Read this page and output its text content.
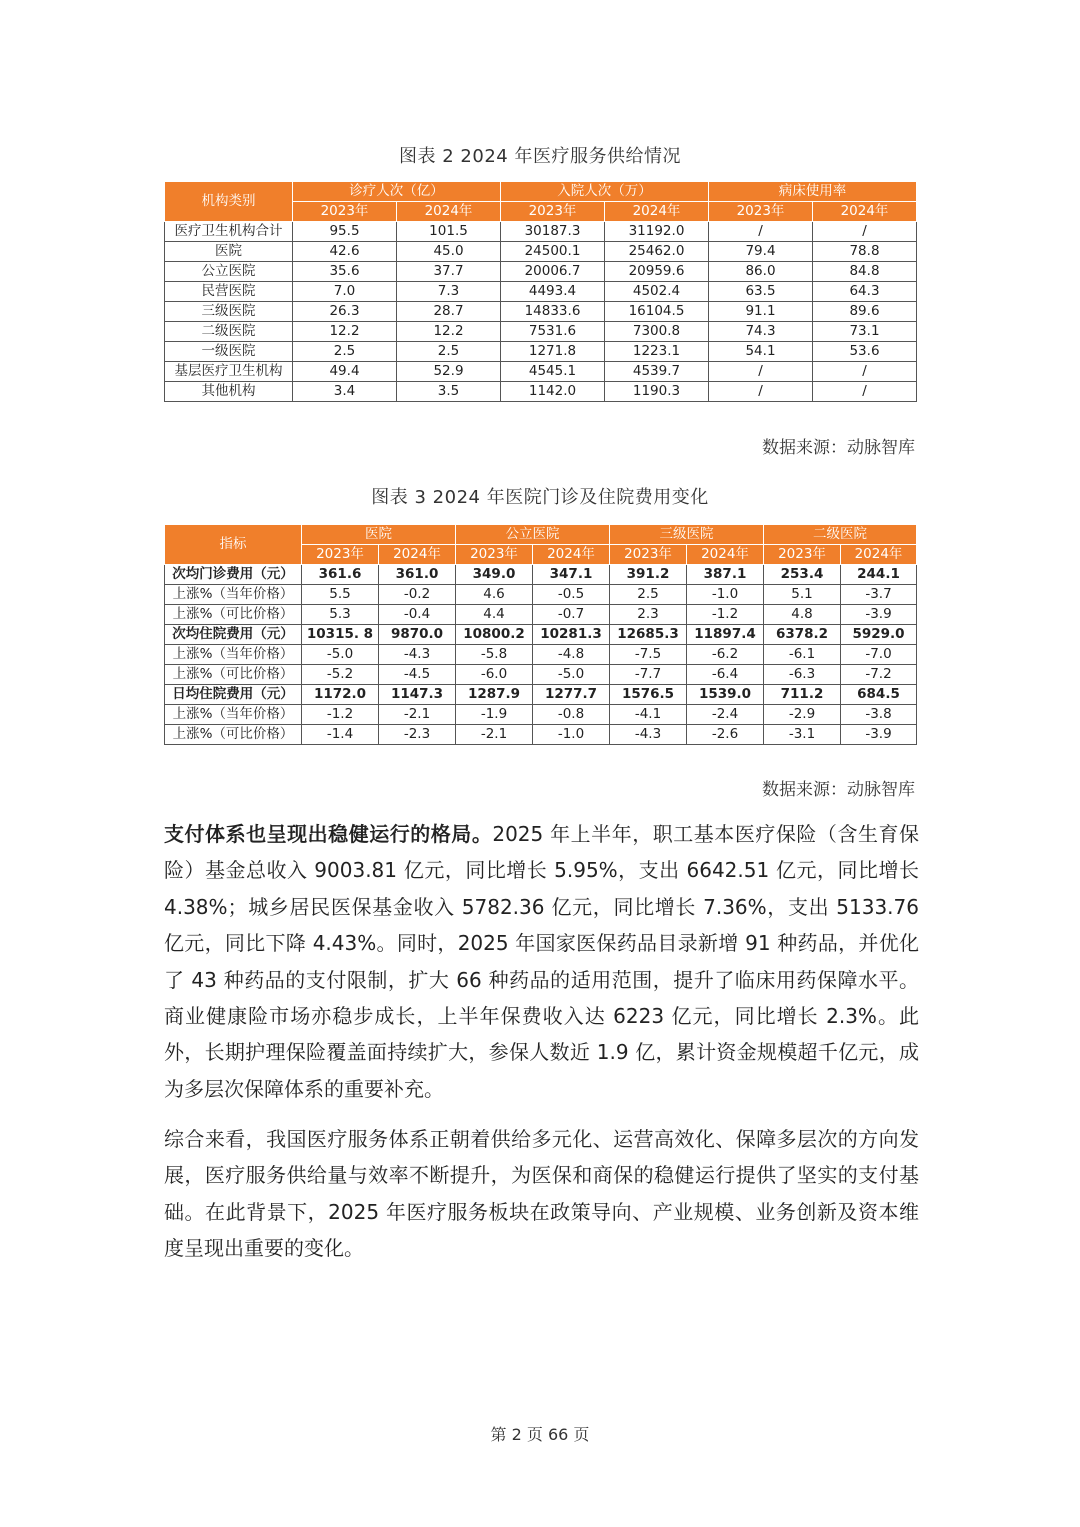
图表 2 2024 年医疗服务供给情况
机构类别	诊疗人次（亿）		入院人次（万）		病床使用率	
	2023年	2024年	2023年	2024年	2023年	2024年
医疗卫生机构合计	95.5	101.5	30187.3	31192.0	/	/
医院	42.6	45.0	24500.1	25462.0	79.4	78.8
公立医院	35.6	37.7	20006.7	20959.6	86.0	84.8
民营医院	7.0	7.3	4493.4	4502.4	63.5	64.3
三级医院	26.3	28.7	14833.6	16104.5	91.1	89.6
二级医院	12.2	12.2	7531.6	7300.8	74.3	73.1
一级医院	2.5	2.5	1271.8	1223.1	54.1	53.6
基层医疗卫生机构	49.4	52.9	4545.1	4539.7	/	/
其他机构	3.4	3.5	1142.0	1190.3	/	/
数据来源：动脉智库
图表 3 2024 年医院门诊及住院费用变化
指标	医院		公立医院		三级医院		二级医院	
	2023年	2024年	2023年	2024年	2023年	2024年	2023年	2024年
次均门诊费用（元）	361.6	361.0	349.0	347.1	391.2	387.1	253.4	244.1
上涨%（当年价格）	5.5	-0.2	4.6	-0.5	2.5	-1.0	5.1	-3.7
上涨%（可比价格）	5.3	-0.4	4.4	-0.7	2.3	-1.2	4.8	-3.9
次均住院费用（元）	10315. 8	9870.0	10800.2	10281.3	12685.3	11897.4	6378.2	5929.0
上涨%（当年价格）	-5.0	-4.3	-5.8	-4.8	-7.5	-6.2	-6.1	-7.0
上涨%（可比价格）	-5.2	-4.5	-6.0	-5.0	-7.7	-6.4	-6.3	-7.2
日均住院费用（元）	1172.0	1147.3	1287.9	1277.7	1576.5	1539.0	711.2	684.5
上涨%（当年价格）	-1.2	-2.1	-1.9	-0.8	-4.1	-2.4	-2.9	-3.8
上涨%（可比价格）	-1.4	-2.3	-2.1	-1.0	-4.3	-2.6	-3.1	-3.9
数据来源：动脉智库

支付体系也呈现出稳健运行的格局。2025 年上半年，职工基本医疗保险（含生育保险）基金总收入 9003.81 亿元，同比增长 5.95%，支出 6642.51 亿元，同比增长 4.38%；城乡居民医保基金收入 5782.36 亿元，同比增长 7.36%，支出 5133.76 亿元，同比下降 4.43%。同时，2025 年国家医保药品目录新增 91 种药品，并优化了 43 种药品的支付限制，扩大 66 种药品的适用范围，提升了临床用药保障水平。商业健康险市场亦稳步成长，上半年保费收入达 6223 亿元，同比增长 2.3%。此外，长期护理保险覆盖面持续扩大，参保人数近 1.9 亿，累计资金规模超千亿元，成为多层次保障体系的重要补充。

综合来看，我国医疗服务体系正朝着供给多元化、运营高效化、保障多层次的方向发展，医疗服务供给量与效率不断提升，为医保和商保的稳健运行提供了坚实的支付基础。在此背景下，2025 年医疗服务板块在政策导向、产业规模、业务创新及资本维度呈现出重要的变化。

第 2 页 66 页
